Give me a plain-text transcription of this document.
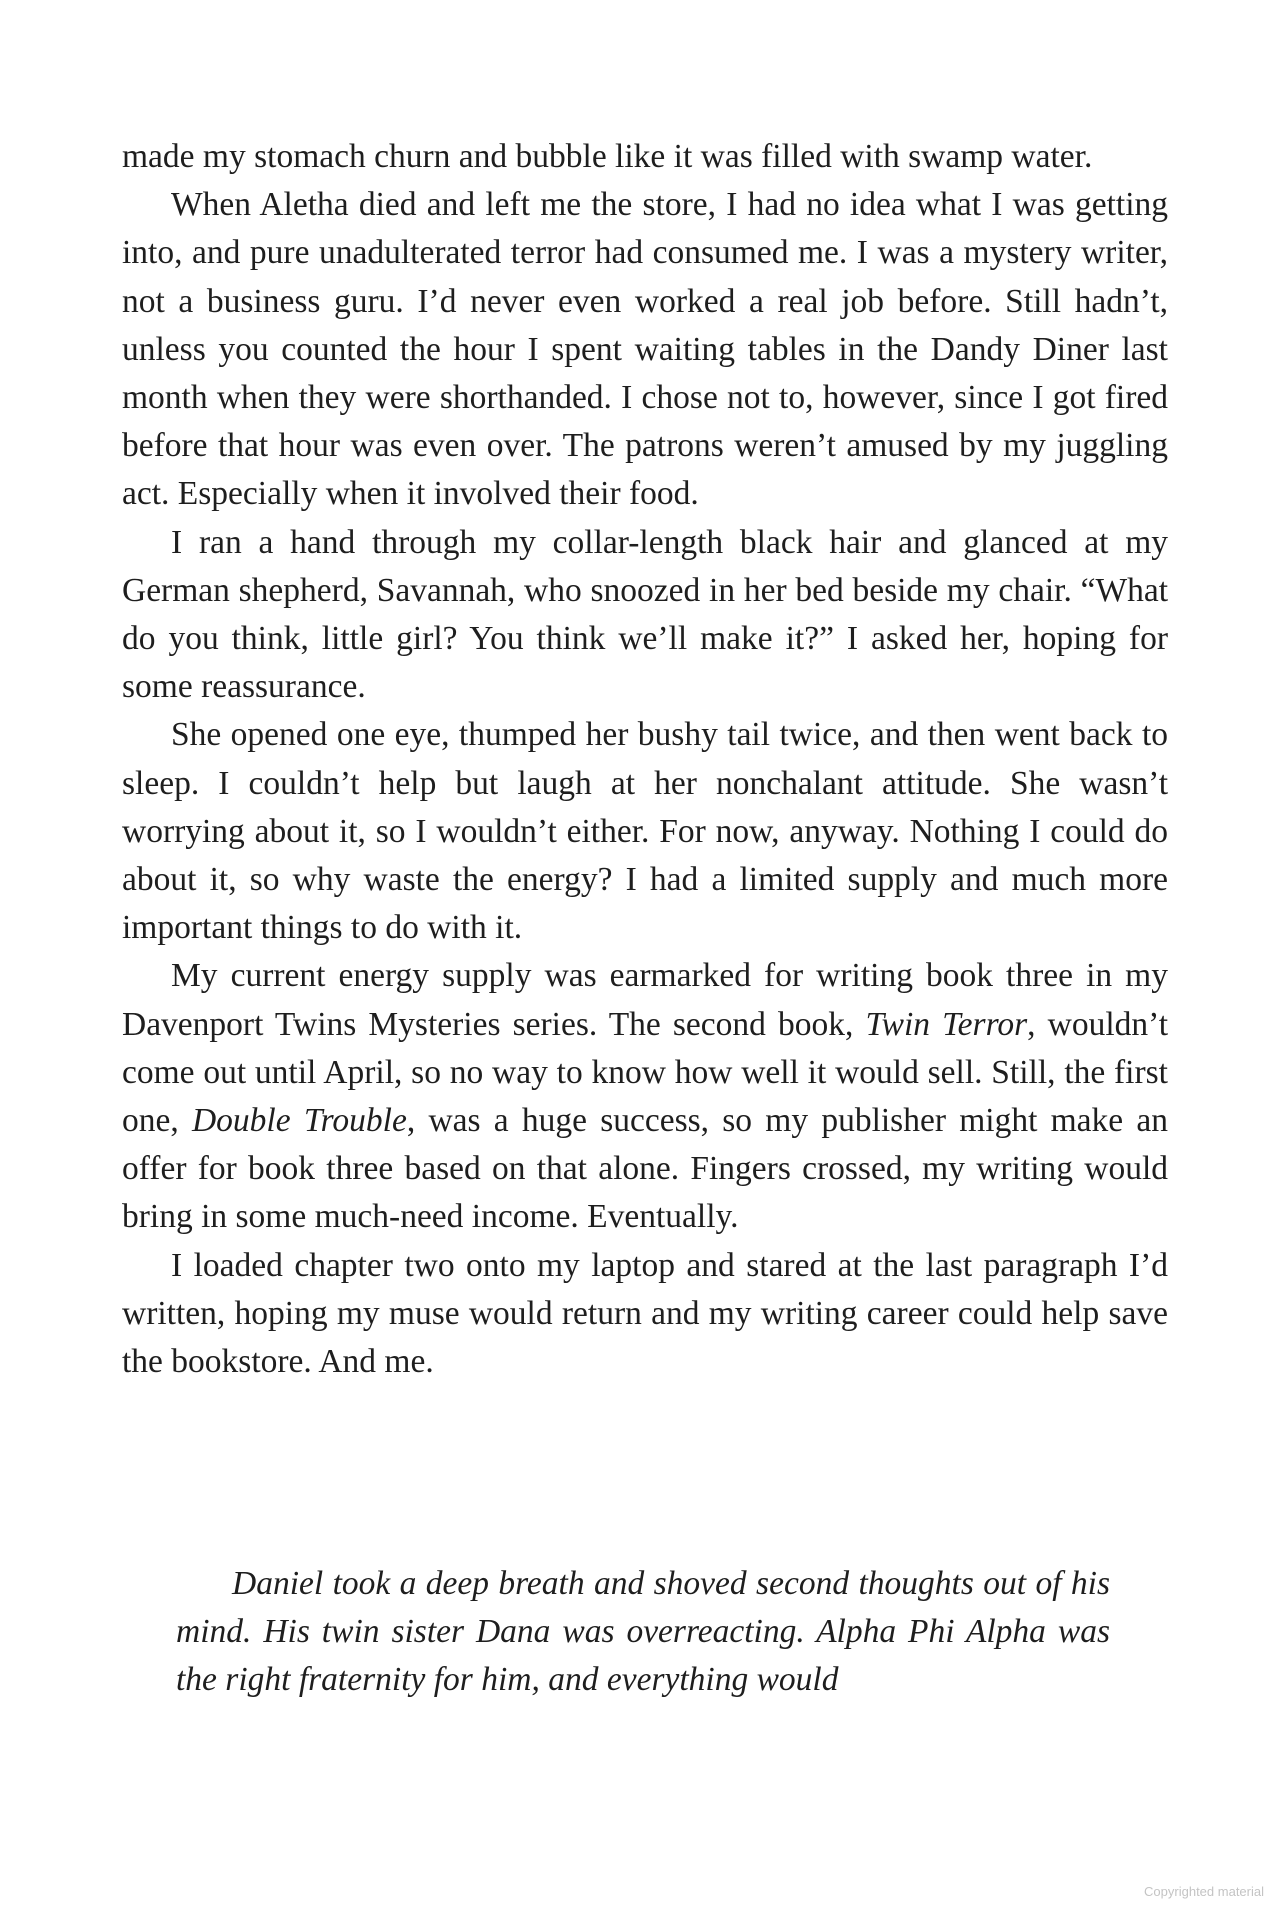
made my stomach churn and bubble like it was filled with swamp water.

When Aletha died and left me the store, I had no idea what I was getting into, and pure unadulterated terror had consumed me. I was a mystery writer, not a business guru. I’d never even worked a real job before. Still hadn’t, unless you counted the hour I spent waiting tables in the Dandy Diner last month when they were shorthanded. I chose not to, however, since I got fired before that hour was even over. The patrons weren’t amused by my juggling act. Especially when it involved their food.

I ran a hand through my collar-length black hair and glanced at my German shepherd, Savannah, who snoozed in her bed beside my chair. “What do you think, little girl? You think we’ll make it?” I asked her, hoping for some reassurance.

She opened one eye, thumped her bushy tail twice, and then went back to sleep. I couldn’t help but laugh at her nonchalant attitude. She wasn’t worrying about it, so I wouldn’t either. For now, anyway. Nothing I could do about it, so why waste the energy? I had a limited supply and much more important things to do with it.

My current energy supply was earmarked for writing book three in my Davenport Twins Mysteries series. The second book, Twin Terror, wouldn’t come out until April, so no way to know how well it would sell. Still, the first one, Double Trouble, was a huge success, so my publisher might make an offer for book three based on that alone. Fingers crossed, my writing would bring in some much-need income. Eventually.

I loaded chapter two onto my laptop and stared at the last paragraph I’d written, hoping my muse would return and my writing career could help save the bookstore. And me.

Daniel took a deep breath and shoved second thoughts out of his mind. His twin sister Dana was overreacting. Alpha Phi Alpha was the right fraternity for him, and everything would

Copyrighted material
